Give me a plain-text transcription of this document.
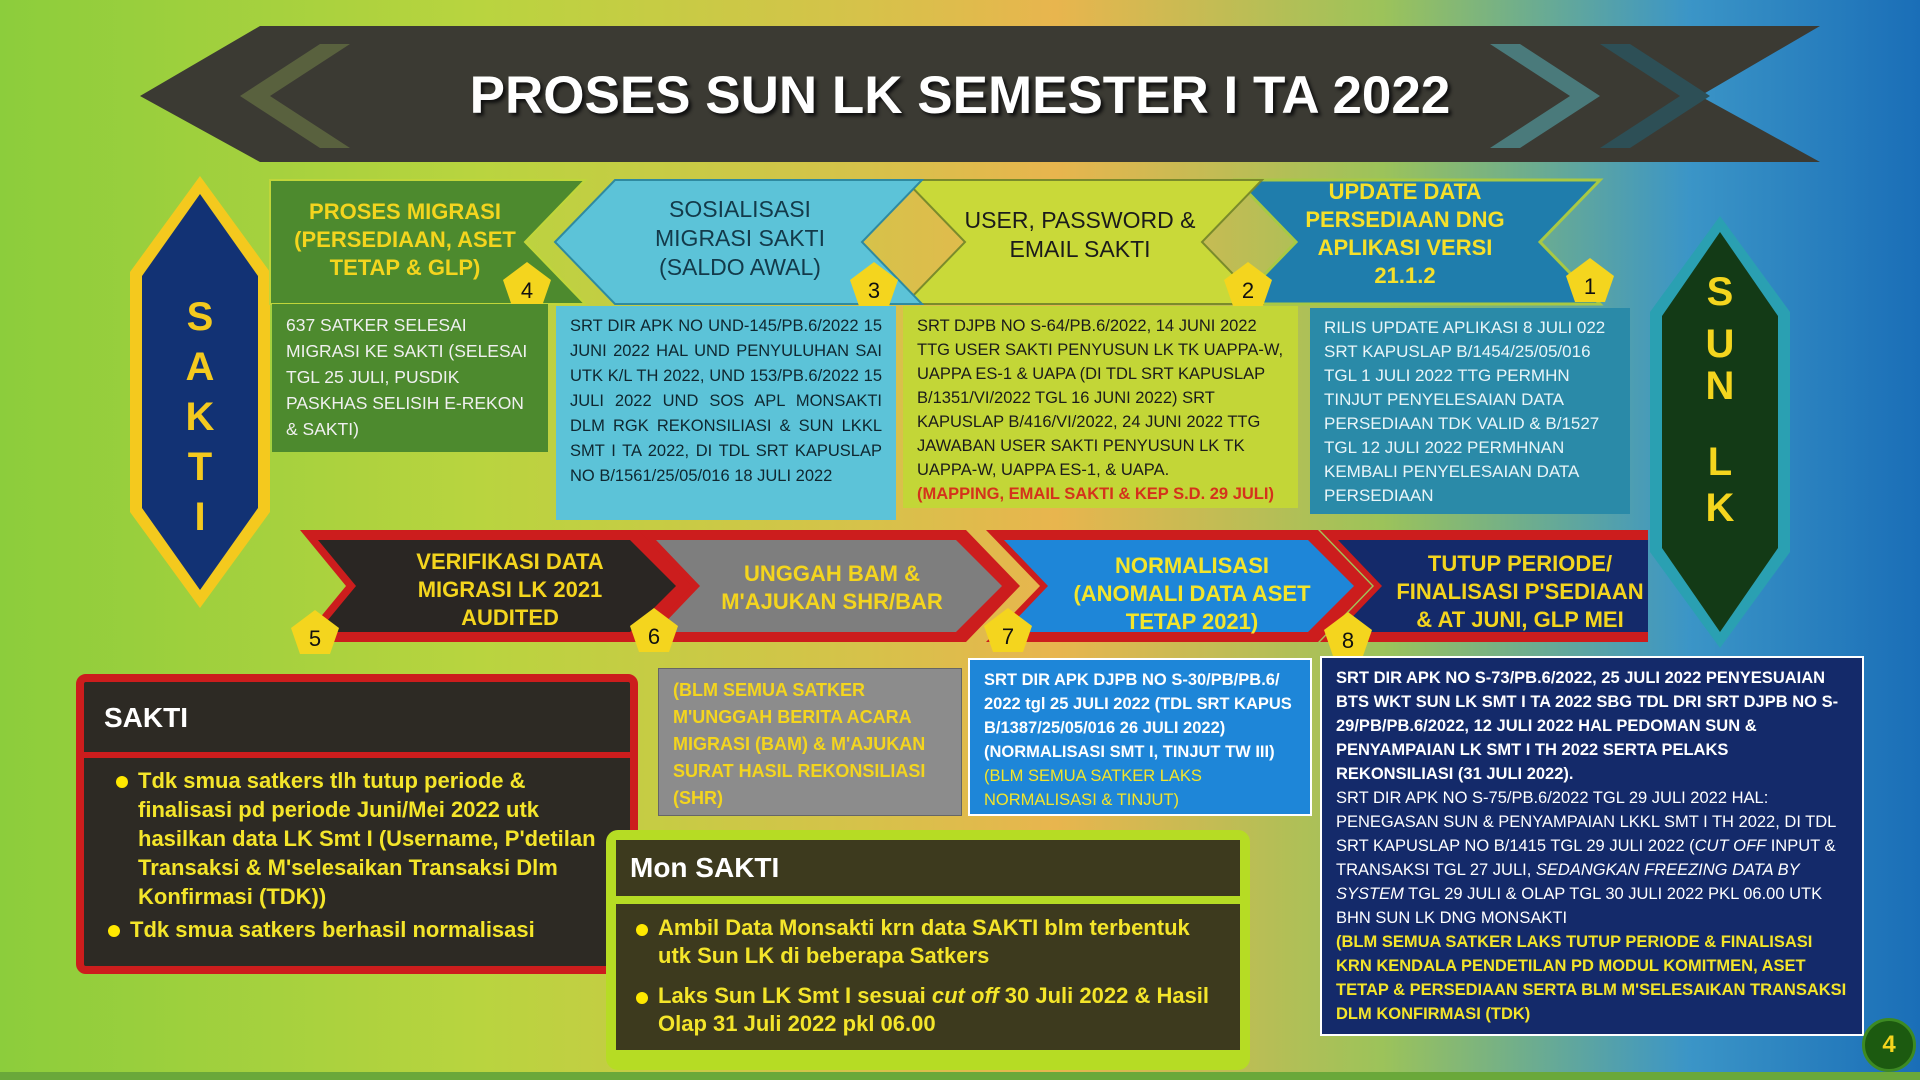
PROSES SUN LK SEMESTER I TA 2022
S
A
K
T
I
S
U
N
L
K
UPDATE DATA PERSEDIAAN DNG APLIKASI VERSI 21.1.2
USER, PASSWORD & EMAIL SAKTI
SOSIALISASI MIGRASI SAKTI (SALDO AWAL)
PROSES MIGRASI (PERSEDIAAN, ASET TETAP & GLP)
1
2
3
4
RILIS UPDATE APLIKASI 8 JULI 022 SRT KAPUSLAP B/1454/25/05/016 TGL 1 JULI 2022 TTG PERMHN TINJUT PENYELESAIAN DATA PERSEDIAAN TDK VALID & B/1527 TGL 12 JULI 2022 PERMHNAN KEMBALI PENYELESAIAN DATA PERSEDIAAN
SRT DJPB NO S-64/PB.6/2022, 14 JUNI 2022 TTG USER SAKTI PENYUSUN LK TK UAPPA-W, UAPPA ES-1 & UAPA (DI TDL SRT KAPUSLAP B/1351/VI/2022 TGL 16 JUNI 2022) SRT KAPUSLAP B/416/VI/2022, 24 JUNI 2022 TTG JAWABAN USER SAKTI PENYUSUN LK TK UAPPA-W, UAPPA ES-1, & UAPA.
(MAPPING, EMAIL SAKTI & KEP S.D. 29 JULI)
SRT DIR APK NO UND-145/PB.6/2022 15 JUNI 2022 HAL UND PENYULUHAN SAI UTK K/L TH 2022, UND 153/PB.6/2022 15 JULI 2022 UND SOS APL MONSAKTI DLM RGK REKONSILIASI & SUN LKKL SMT I TA 2022, DI TDL SRT KAPUSLAP NO B/1561/25/05/016 18 JULI 2022
637 SATKER SELESAI MIGRASI KE SAKTI (SELESAI TGL 25 JULI, PUSDIK PASKHAS SELISIH E-REKON & SAKTI)
VERIFIKASI DATA MIGRASI LK 2021 AUDITED
UNGGAH BAM & M'AJUKAN SHR/BAR
NORMALISASI (ANOMALI DATA ASET TETAP 2021)
TUTUP PERIODE/ FINALISASI P'SEDIAAN & AT JUNI, GLP MEI
5	6	7	8
(BLM SEMUA SATKER M'UNGGAH BERITA ACARA MIGRASI (BAM) & M'AJUKAN SURAT HASIL REKONSILIASI (SHR)
SRT DIR APK DJPB NO S-30/PB/PB.6/ 2022 tgl 25 JULI 2022 (TDL SRT KAPUS B/1387/25/05/016 26 JULI 2022) (NORMALISASI SMT I, TINJUT TW III)
(BLM SEMUA SATKER LAKS NORMALISASI & TINJUT)
SRT DIR APK NO S-73/PB.6/2022, 25 JULI 2022 PENYESUAIAN BTS WKT SUN LK SMT I TA 2022 SBG TDL DRI SRT DJPB NO S-29/PB/PB.6/2022, 12 JULI 2022 HAL PEDOMAN SUN & PENYAMPAIAN LK SMT I TH 2022 SERTA PELAKS REKONSILIASI (31 JULI 2022).
SRT DIR APK NO S-75/PB.6/2022 TGL 29 JULI 2022 HAL: PENEGASAN SUN & PENYAMPAIAN LKKL SMT I TH 2022, DI TDL SRT KAPUSLAP NO B/1415 TGL 29 JULI 2022 (CUT OFF INPUT & TRANSAKSI TGL 27 JULI, SEDANGKAN FREEZING DATA BY SYSTEM TGL 29 JULI & OLAP TGL 30 JULI 2022 PKL 06.00 UTK BHN SUN LK DNG MONSAKTI
(BLM SEMUA SATKER LAKS TUTUP PERIODE & FINALISASI KRN KENDALA PENDETILAN PD MODUL KOMITMEN, ASET TETAP & PERSEDIAAN SERTA BLM M'SELESAIKAN TRANSAKSI DLM KONFIRMASI (TDK)
SAKTI
Tdk smua satkers tlh tutup periode & finalisasi pd periode Juni/Mei 2022 utk hasilkan data LK Smt I (Username, P'detilan Transaksi & M'selesaikan Transaksi Dlm Konfirmasi (TDK))
Tdk smua satkers berhasil normalisasi
Mon SAKTI
Ambil Data Monsakti krn data SAKTI blm terbentuk utk Sun LK di beberapa Satkers
Laks Sun LK Smt I sesuai cut off 30 Juli 2022 & Hasil Olap 31 Juli 2022 pkl 06.00
4
